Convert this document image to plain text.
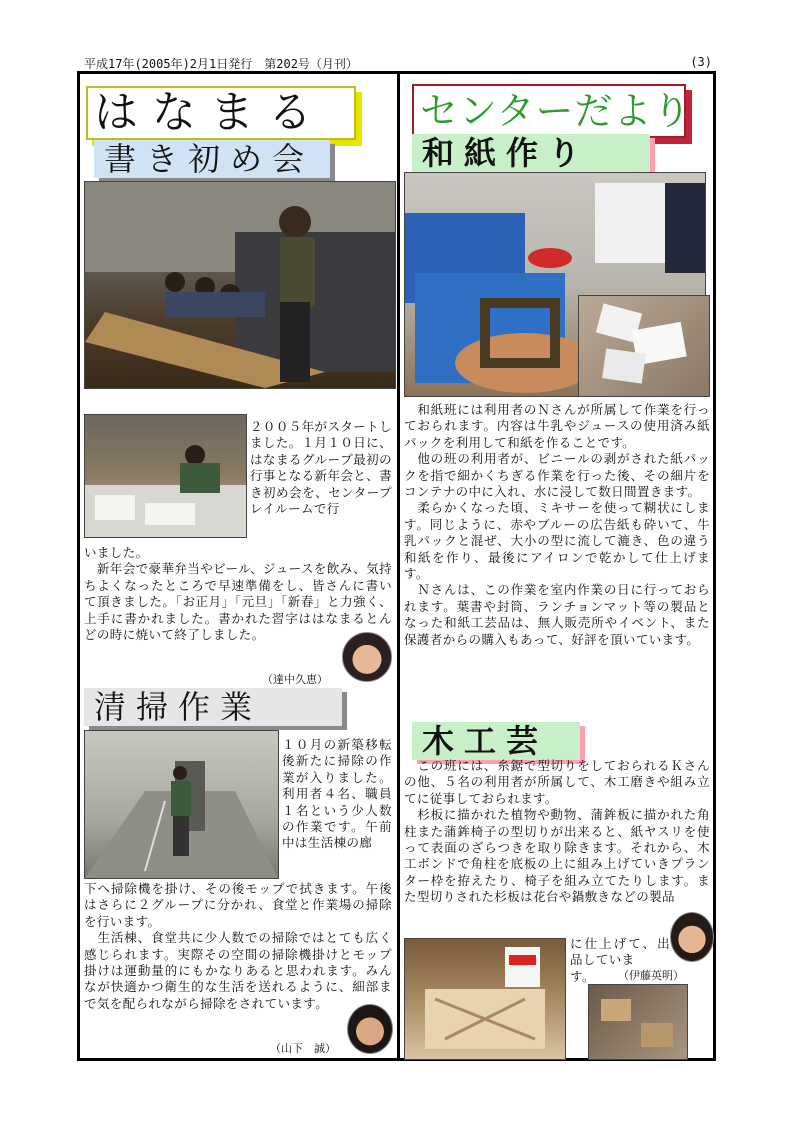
平成17年(2005年)2月1日発行　第202号（月刊）	(3)
はなまる
書き初め会
２００５年がスタートしました。１月１０日に、はなまるグループ最初の行事となる新年会と、書き初め会を、センタープレイルームで行
いました。
　新年会で豪華弁当やビール、ジュースを飲み、気持ちよくなったところで早速準備をし、皆さんに書いて頂きました。「お正月」「元旦」「新春」と力強く、上手に書かれました。書かれた習字ははなまるとんどの時に焼いて終了しました。
（達中久恵）
清掃作業
１０月の新築移転後新たに掃除の作業が入りました。利用者４名、職員１名という少人数の作業です。午前中は生活棟の廊
下へ掃除機を掛け、その後モップで拭きます。午後はさらに２グループに分かれ、食堂と作業場の掃除を行います。
　生活棟、食堂共に少人数での掃除ではとても広く感じられます。実際その空間の掃除機掛けとモップ掛けは運動量的にもかなりあると思われます。みんなが快適かつ衛生的な生活を送れるように、細部まで気を配られながら掃除をされています。
（山下　誠）
センターだより
和紙作り
　和紙班には利用者のＮさんが所属して作業を行っておられます。内容は牛乳やジュースの使用済み紙パックを利用して和紙を作ることです。
　他の班の利用者が、ビニールの剥がされた紙パックを指で細かくちぎる作業を行った後、その細片をコンテナの中に入れ、水に浸して数日間置きます。
　柔らかくなった頃、ミキサーを使って糊状にします。同じように、赤やブルーの広告紙も砕いて、牛乳パックと混ぜ、大小の型に流して漉き、色の違う和紙を作り、最後にアイロンで乾かして仕上げます。
　Ｎさんは、この作業を室内作業の日に行っておられます。葉書や封筒、ランチョンマット等の製品となった和紙工芸品は、無人販売所やイベント、また保護者からの購入もあって、好評を頂いています。
木工芸
　この班には、糸鋸で型切りをしておられるＫさんの他、５名の利用者が所属して、木工磨きや組み立てに従事しておられます。
　杉板に描かれた植物や動物、蒲鉾板に描かれた角柱また蒲鉾椅子の型切りが出来ると、紙ヤスリを使って表面のざらつきを取り除きます。それから、木工ボンドで角柱を底板の上に組み上げていきプランター枠を拵えたり、椅子を組み立てたりします。また型切りされた杉板は花台や鍋敷きなどの製品
に仕上げて、出品していま
す。	（伊藤英明）
